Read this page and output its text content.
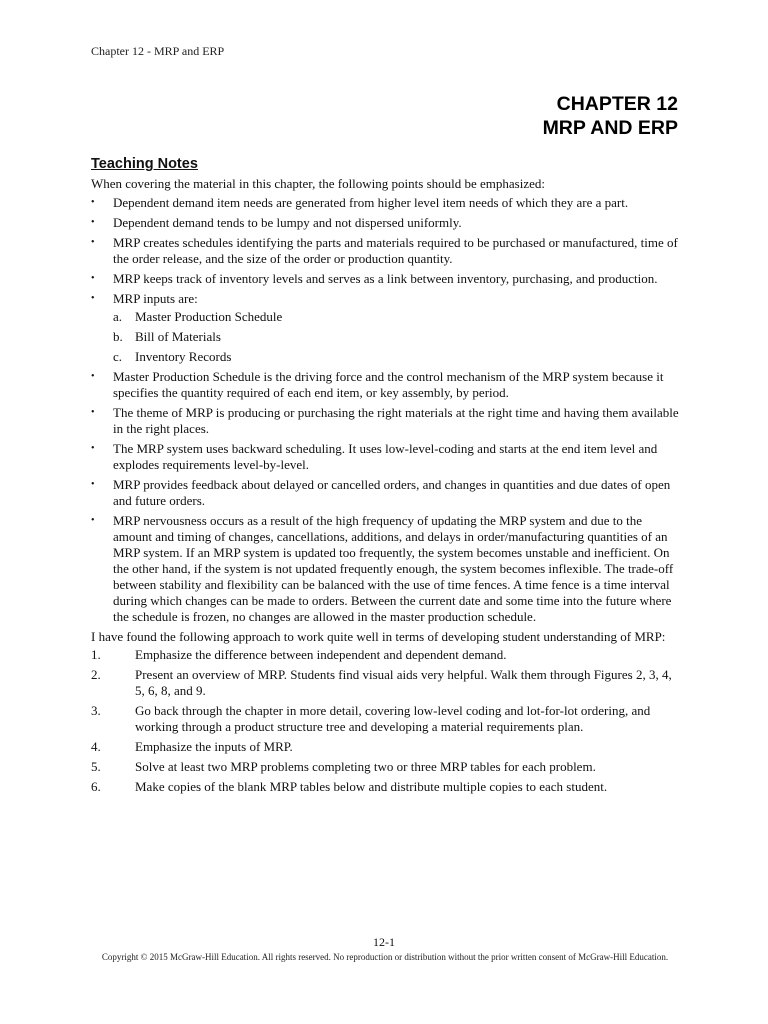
Chapter 12 - MRP and ERP
CHAPTER 12
MRP AND ERP
Teaching Notes
When covering the material in this chapter, the following points should be emphasized:
• Dependent demand item needs are generated from higher level item needs of which they are a part.
• Dependent demand tends to be lumpy and not dispersed uniformly.
• MRP creates schedules identifying the parts and materials required to be purchased or manufactured, time of the order release, and the size of the order or production quantity.
• MRP keeps track of inventory levels and serves as a link between inventory, purchasing, and production.
• MRP inputs are:
a. Master Production Schedule
b. Bill of Materials
c. Inventory Records
• Master Production Schedule is the driving force and the control mechanism of the MRP system because it specifies the quantity required of each end item, or key assembly, by period.
• The theme of MRP is producing or purchasing the right materials at the right time and having them available in the right places.
• The MRP system uses backward scheduling. It uses low-level-coding and starts at the end item level and explodes requirements level-by-level.
• MRP provides feedback about delayed or cancelled orders, and changes in quantities and due dates of open and future orders.
• MRP nervousness occurs as a result of the high frequency of updating the MRP system and due to the amount and timing of changes, cancellations, additions, and delays in order/manufacturing quantities of an MRP system. If an MRP system is updated too frequently, the system becomes unstable and inefficient. On the other hand, if the system is not updated frequently enough, the system becomes inflexible. The trade-off between stability and flexibility can be balanced with the use of time fences. A time fence is a time interval during which changes can be made to orders. Between the current date and some time into the future where the schedule is frozen, no changes are allowed in the master production schedule.
I have found the following approach to work quite well in terms of developing student understanding of MRP:
1.	Emphasize the difference between independent and dependent demand.
2.	Present an overview of MRP. Students find visual aids very helpful. Walk them through Figures 2, 3, 4, 5, 6, 8, and 9.
3.	Go back through the chapter in more detail, covering low-level coding and lot-for-lot ordering, and working through a product structure tree and developing a material requirements plan.
4.	Emphasize the inputs of MRP.
5.	Solve at least two MRP problems completing two or three MRP tables for each problem.
6.	Make copies of the blank MRP tables below and distribute multiple copies to each student.
12-1
Copyright © 2015 McGraw-Hill Education. All rights reserved. No reproduction or distribution without the prior written consent of McGraw-Hill Education.
